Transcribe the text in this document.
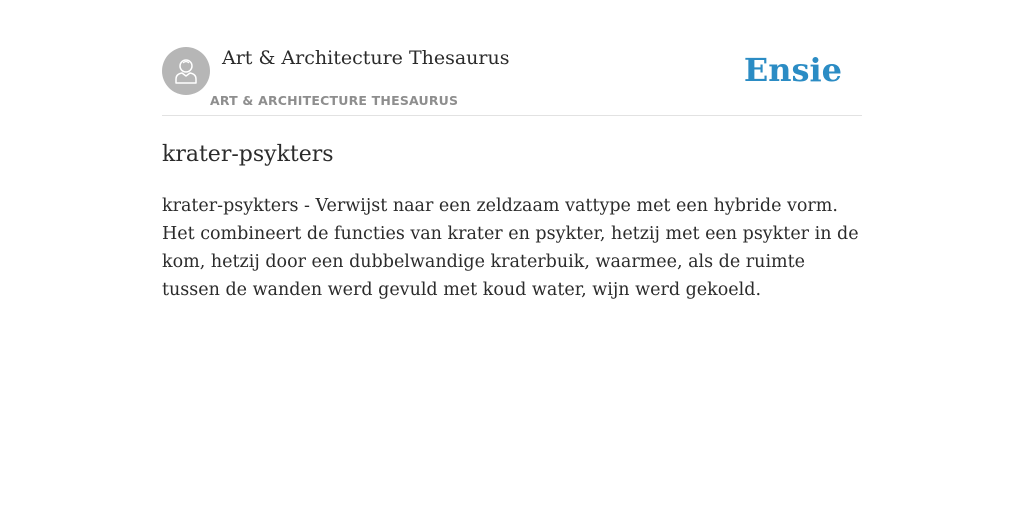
Art & Architecture Thesaurus
ART & ARCHITECTURE THESAURUS
Ensie
krater-psykters

krater-psykters - Verwijst naar een zeldzaam vattype met een hybride vorm. Het combineert de functies van krater en psykter, hetzij met een psykter in de kom, hetzij door een dubbelwandige kraterbuik, waarmee, als de ruimte tussen de wanden werd gevuld met koud water, wijn werd gekoeld.
